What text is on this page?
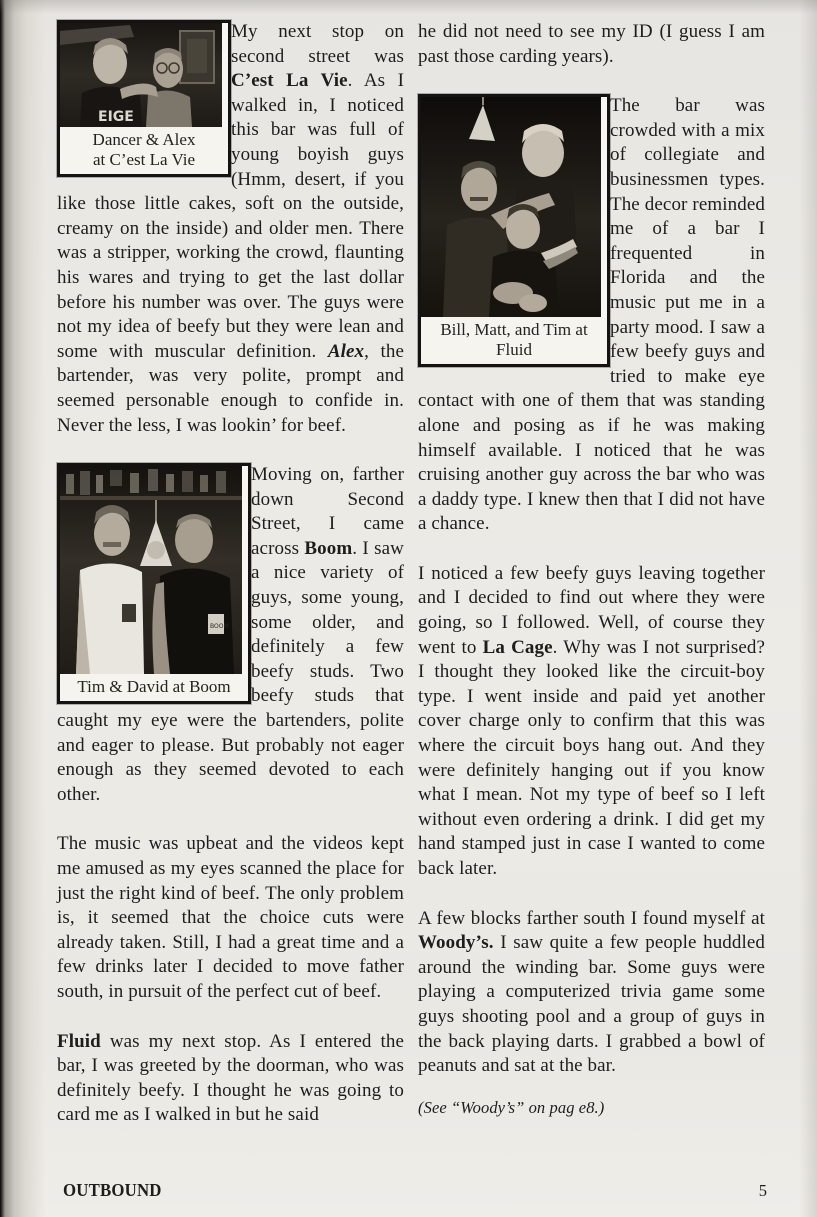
EIGE
Dancer & Alex
at C’est La Vie

My next stop on second street was C’est La Vie. As I walked in, I noticed this bar was full of young boyish guys (Hmm, desert, if you like those little cakes, soft on the outside, creamy on the inside) and older men. There was a stripper, working the crowd, flaunting his wares and trying to get the last dollar before his number was over. The guys were not my idea of beefy but they were lean and some with muscular definition. Alex, the bartender, was very polite, prompt and seemed personable enough to confide in. Never the less, I was lookin’ for beef.

BOOM
Tim & David at Boom

Moving on, farther down Second Street, I came across Boom. I saw a nice variety of guys, some young, some older, and definitely a few beefy studs. Two beefy studs that caught my eye were the bartenders, polite and eager to please. But probably not eager enough as they seemed devoted to each other.

The music was upbeat and the videos kept me amused as my eyes scanned the place for just the right kind of beef. The only problem is, it seemed that the choice cuts were already taken. Still, I had a great time and a few drinks later I decided to move father south, in pursuit of the perfect cut of beef.

Fluid was my next stop. As I entered the bar, I was greeted by the doorman, who was definitely beefy. I thought he was going to card me as I walked in but he said

he did not need to see my ID (I guess I am past those carding years).

Bill, Matt, and Tim at Fluid

The bar was crowded with a mix of collegiate and businessmen types. The decor reminded me of a bar I frequented in Florida and the music put me in a party mood. I saw a few beefy guys and tried to make eye contact with one of them that was standing alone and posing as if he was making himself available. I noticed that he was cruising another guy across the bar who was a daddy type. I knew then that I did not have a chance.

I noticed a few beefy guys leaving together and I decided to find out where they were going, so I followed. Well, of course they went to La Cage. Why was I not surprised? I thought they looked like the circuit-boy type. I went inside and paid yet another cover charge only to confirm that this was where the circuit boys hang out. And they were definitely hanging out if you know what I mean. Not my type of beef so I left without even ordering a drink. I did get my hand stamped just in case I wanted to come back later.

A few blocks farther south I found myself at Woody’s. I saw quite a few people huddled around the winding bar. Some guys were playing a computerized trivia game some guys shooting pool and a group of guys in the back playing darts. I grabbed a bowl of peanuts and sat at the bar.

(See “Woody’s” on pag e8.)

OUTBOUND	5
